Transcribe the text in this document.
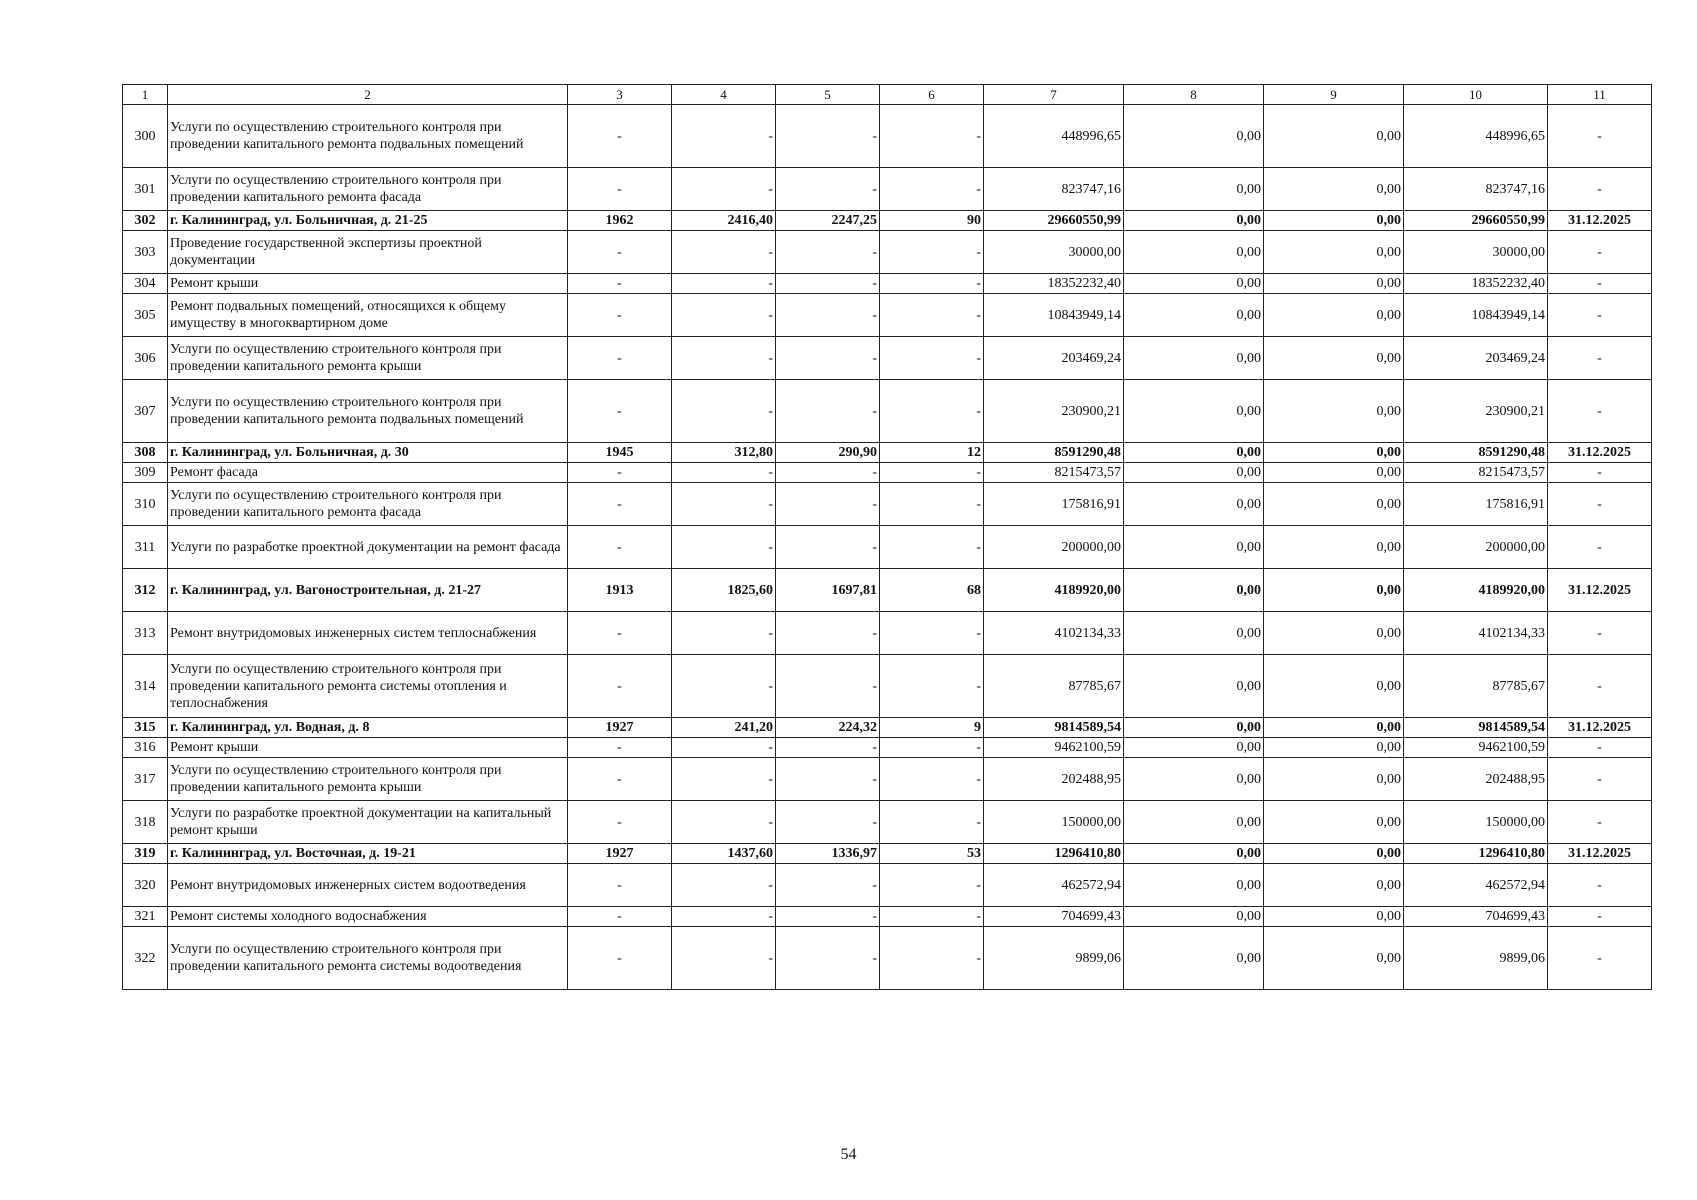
1	2	3	4	5	6	7	8	9	10	11
300	Услуги по осуществлению строительного контроля при проведении капитального ремонта подвальных помещений	-	-	-	-	448996,65	0,00	0,00	448996,65	-
301	Услуги по осуществлению строительного контроля при проведении капитального ремонта фасада	-	-	-	-	823747,16	0,00	0,00	823747,16	-
302	г. Калининград, ул. Больничная, д. 21-25	1962	2416,40	2247,25	90	29660550,99	0,00	0,00	29660550,99	31.12.2025
303	Проведение государственной экспертизы проектной документации	-	-	-	-	30000,00	0,00	0,00	30000,00	-
304	Ремонт крыши	-	-	-	-	18352232,40	0,00	0,00	18352232,40	-
305	Ремонт подвальных помещений, относящихся к общему имуществу в многоквартирном доме	-	-	-	-	10843949,14	0,00	0,00	10843949,14	-
306	Услуги по осуществлению строительного контроля при проведении капитального ремонта крыши	-	-	-	-	203469,24	0,00	0,00	203469,24	-
307	Услуги по осуществлению строительного контроля при проведении капитального ремонта подвальных помещений	-	-	-	-	230900,21	0,00	0,00	230900,21	-
308	г. Калининград, ул. Больничная, д. 30	1945	312,80	290,90	12	8591290,48	0,00	0,00	8591290,48	31.12.2025
309	Ремонт фасада	-	-	-	-	8215473,57	0,00	0,00	8215473,57	-
310	Услуги по осуществлению строительного контроля при проведении капитального ремонта фасада	-	-	-	-	175816,91	0,00	0,00	175816,91	-
311	Услуги по разработке проектной документации на ремонт фасада	-	-	-	-	200000,00	0,00	0,00	200000,00	-
312	г. Калининград, ул. Вагоностроительная, д. 21-27	1913	1825,60	1697,81	68	4189920,00	0,00	0,00	4189920,00	31.12.2025
313	Ремонт внутридомовых инженерных систем теплоснабжения	-	-	-	-	4102134,33	0,00	0,00	4102134,33	-
314	Услуги по осуществлению строительного контроля при проведении капитального ремонта системы отопления и теплоснабжения	-	-	-	-	87785,67	0,00	0,00	87785,67	-
315	г. Калининград, ул. Водная, д. 8	1927	241,20	224,32	9	9814589,54	0,00	0,00	9814589,54	31.12.2025
316	Ремонт крыши	-	-	-	-	9462100,59	0,00	0,00	9462100,59	-
317	Услуги по осуществлению строительного контроля при проведении капитального ремонта крыши	-	-	-	-	202488,95	0,00	0,00	202488,95	-
318	Услуги по разработке проектной документации на капитальный ремонт крыши	-	-	-	-	150000,00	0,00	0,00	150000,00	-
319	г. Калининград, ул. Восточная, д. 19-21	1927	1437,60	1336,97	53	1296410,80	0,00	0,00	1296410,80	31.12.2025
320	Ремонт внутридомовых инженерных систем водоотведения	-	-	-	-	462572,94	0,00	0,00	462572,94	-
321	Ремонт системы холодного водоснабжения	-	-	-	-	704699,43	0,00	0,00	704699,43	-
322	Услуги по осуществлению строительного контроля при проведении капитального ремонта системы водоотведения	-	-	-	-	9899,06	0,00	0,00	9899,06	-
54
